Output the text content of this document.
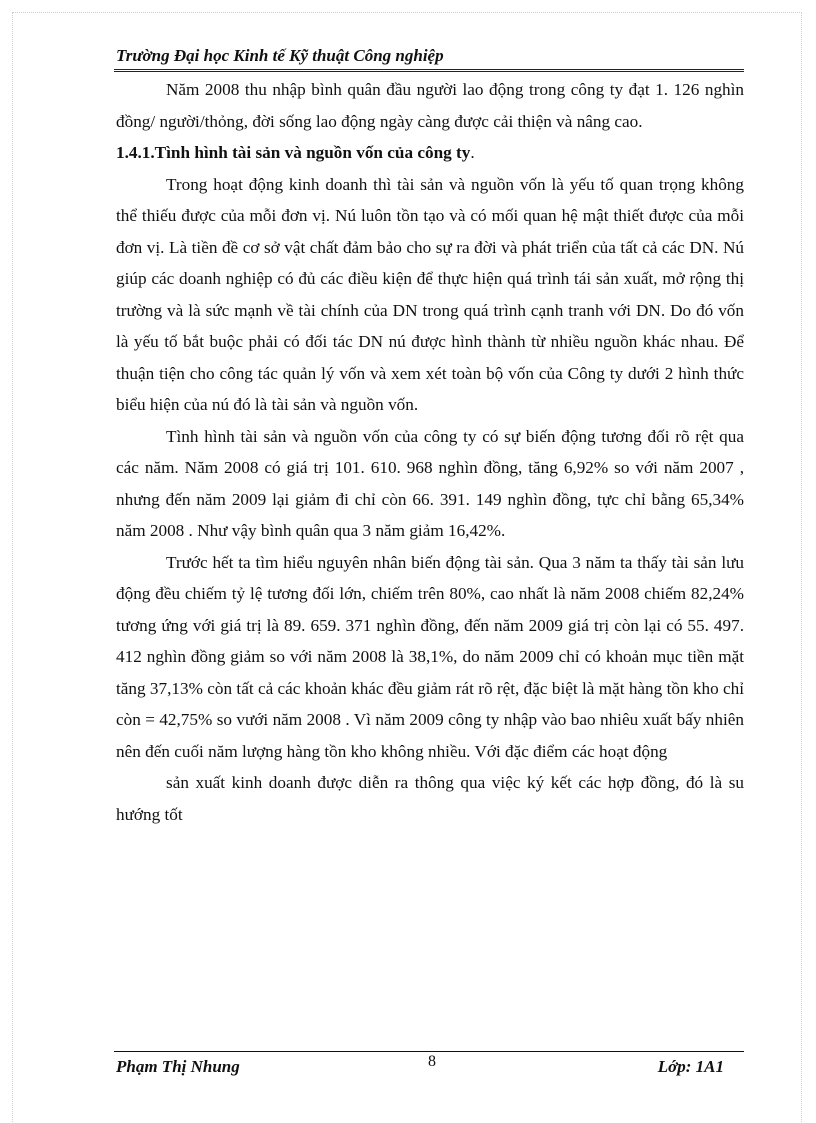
Trường Đại học Kinh tế Kỹ thuật Công nghiệp

Năm 2008 thu nhập bình quân đầu người lao động trong công ty đạt 1. 126 nghìn đồng/ người/thỏng, đời sống lao động ngày càng được cải thiện và nâng cao.

1.4.1.Tình hình tài sản và nguồn vốn của công ty.

Trong hoạt động kinh doanh thì tài sản và nguồn vốn là yếu tố quan trọng không thể thiếu được của mỗi đơn vị. Nú luôn tồn tạo và có mối quan hệ mật thiết được của mỗi đơn vị. Là tiền đề cơ sở vật chất đảm bảo cho sự ra đời và phát triển của tất cả các DN. Nú giúp các doanh nghiệp có đủ các điều kiện để thực hiện quá trình tái sản xuất, mở rộng thị trường và là sức mạnh về tài chính của DN trong quá trình cạnh tranh với DN. Do đó vốn là yếu tố bắt buộc phải có đối tác DN nú được hình thành từ nhiều nguồn khác nhau. Để thuận tiện cho công tác quản lý vốn và xem xét toàn bộ vốn của Công ty dưới 2 hình thức biểu hiện của nú đó là tài sản và nguồn vốn.

Tình hình tài sản và nguồn vốn của công ty có sự biến động tương đối rõ rệt qua các năm. Năm 2008 có giá trị 101. 610. 968 nghìn đồng, tăng 6,92% so với năm 2007 , nhưng đến năm 2009 lại giảm đi chỉ còn 66. 391. 149 nghìn đồng, tực chỉ bằng 65,34% năm 2008 . Như vậy bình quân qua 3 năm giảm 16,42%.

Trước hết ta tìm hiểu nguyên nhân biến động tài sản. Qua 3 năm ta thấy tài sản lưu động đều chiếm tỷ lệ tương đối lớn, chiếm trên 80%, cao nhất là năm 2008 chiếm 82,24% tương ứng với giá trị là 89. 659. 371 nghìn đồng, đến năm 2009 giá trị còn lại có 55. 497. 412 nghìn đồng giảm so với năm 2008 là 38,1%, do năm 2009 chỉ có khoản mục tiền mặt tăng 37,13% còn tất cả các khoản khác đều giảm rát rõ rệt, đặc biệt là mặt hàng tồn kho chỉ còn = 42,75% so vưới năm 2008 . Vì năm 2009 công ty nhập vào bao nhiêu xuất bấy nhiên nên đến cuối năm lượng hàng tồn kho không nhiều. Với đặc điểm các hoạt động

sản xuất kinh doanh được diễn ra thông qua việc ký kết các hợp đồng, đó là su hướng tốt

Phạm Thị Nhung	8	Lớp: 1A1
